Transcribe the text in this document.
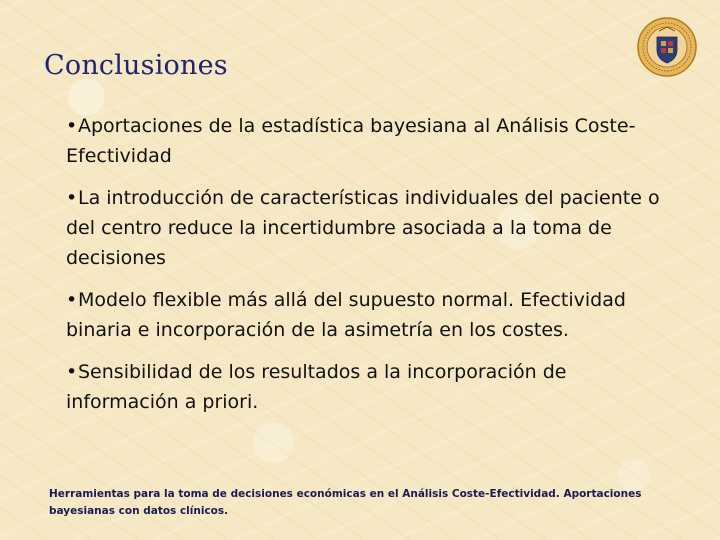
Conclusiones
•Aportaciones de la estadística bayesiana al Análisis Coste-Efectividad
•La introducción de características individuales del paciente o del centro reduce la incertidumbre asociada a la toma de decisiones
•Modelo flexible más allá del supuesto normal. Efectividad binaria e incorporación de la asimetría en los costes.
•Sensibilidad de los resultados a la incorporación de información a priori.
Herramientas para la toma de decisiones económicas en el Análisis Coste-Efectividad. Aportaciones bayesianas con datos clínicos.
